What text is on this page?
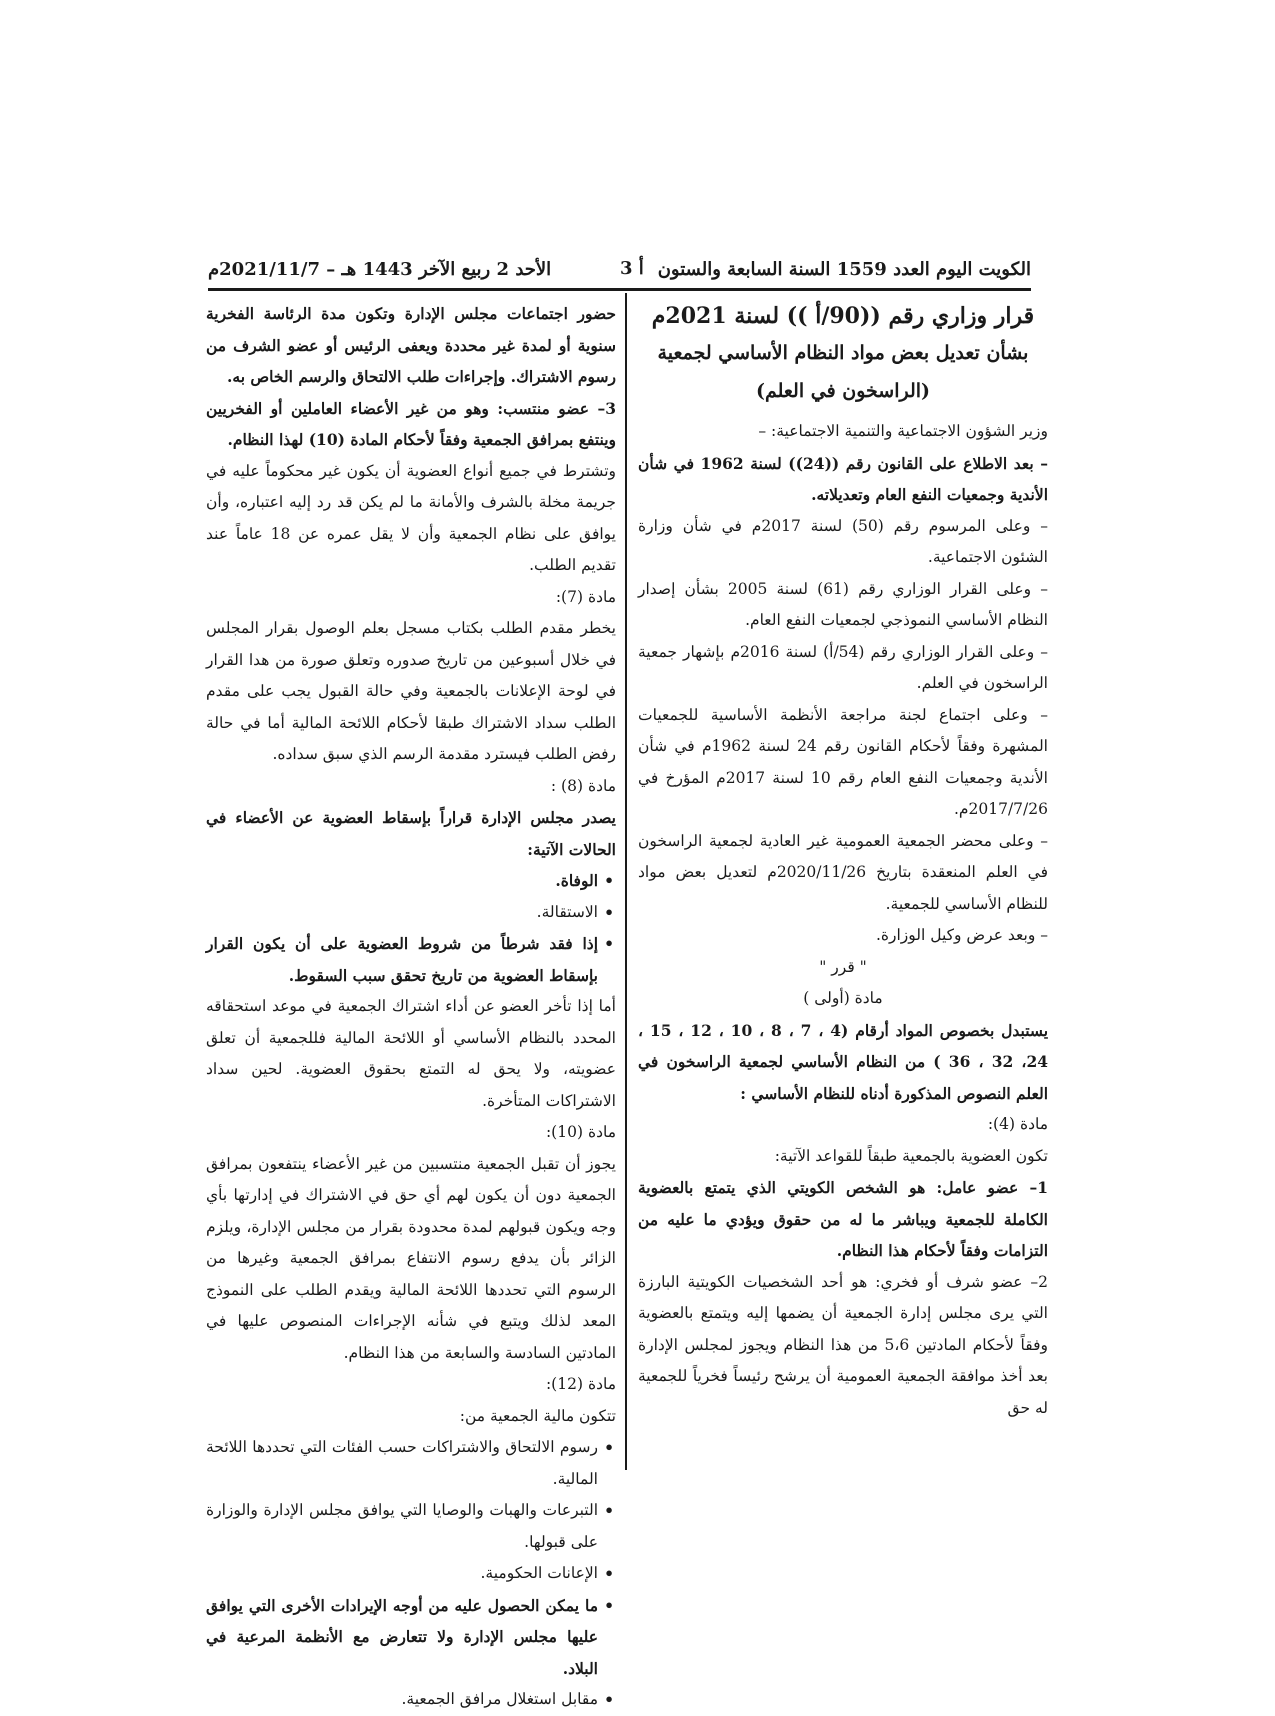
الكويت اليوم العدد 1559 السنة السابعة والستون
أ 3
الأحد 2 ربيع الآخر 1443 هـ – 2021/11/7م
قرار وزاري رقم ((90/أ )) لسنة 2021م
بشأن تعديل بعض مواد النظام الأساسي لجمعية
(الراسخون في العلم)

وزير الشؤون الاجتماعية والتنمية الاجتماعية: –

– بعد الاطلاع على القانون رقم ((24)) لسنة 1962 في شأن الأندية وجمعيات النفع العام وتعديلاته.

– وعلى المرسوم رقم (50) لسنة 2017م في شأن وزارة الشئون الاجتماعية.

– وعلى القرار الوزاري رقم (61) لسنة 2005 بشأن إصدار النظام الأساسي النموذجي لجمعيات النفع العام.

– وعلى القرار الوزاري رقم (54/أ) لسنة 2016م بإشهار جمعية الراسخون في العلم.

– وعلى اجتماع لجنة مراجعة الأنظمة الأساسية للجمعيات المشهرة وفقاً لأحكام القانون رقم 24 لسنة 1962م في شأن الأندية وجمعيات النفع العام رقم 10 لسنة 2017م المؤرخ في 2017/7/26م.

– وعلى محضر الجمعية العمومية غير العادية لجمعية الراسخون في العلم المنعقدة بتاريخ 2020/11/26م لتعديل بعض مواد للنظام الأساسي للجمعية.

– وبعد عرض وكيل الوزارة.

" قرر "

مادة (أولى )

يستبدل بخصوص المواد أرقام (4 ، 7 ، 8 ، 10 ، 12 ، 15 ، 24، 32 ، 36 ) من النظام الأساسي لجمعية الراسخون في العلم النصوص المذكورة أدناه للنظام الأساسي :

مادة (4):

تكون العضوية بالجمعية طبقاً للقواعد الآتية:

1– عضو عامل: هو الشخص الكويتي الذي يتمتع بالعضوية الكاملة للجمعية ويباشر ما له من حقوق ويؤدي ما عليه من التزامات وفقاً لأحكام هذا النظام.

2– عضو شرف أو فخري: هو أحد الشخصيات الكويتية البارزة التي يرى مجلس إدارة الجمعية أن يضمها إليه ويتمتع بالعضوية وفقاً لأحكام المادتين 5،6 من هذا النظام ويجوز لمجلس الإدارة بعد أخذ موافقة الجمعية العمومية أن يرشح رئيساً فخرياً للجمعية له حق

حضور اجتماعات مجلس الإدارة وتكون مدة الرئاسة الفخرية سنوية أو لمدة غير محددة ويعفى الرئيس أو عضو الشرف من رسوم الاشتراك. وإجراءات طلب الالتحاق والرسم الخاص به.

3– عضو منتسب: وهو من غير الأعضاء العاملين أو الفخريين وينتفع بمرافق الجمعية وفقاً لأحكام المادة (10) لهذا النظام.

وتشترط في جميع أنواع العضوية أن يكون غير محكوماً عليه في جريمة مخلة بالشرف والأمانة ما لم يكن قد رد إليه اعتباره، وأن يوافق على نظام الجمعية وأن لا يقل عمره عن 18 عاماً عند تقديم الطلب.

مادة (7):

يخطر مقدم الطلب بكتاب مسجل بعلم الوصول بقرار المجلس في خلال أسبوعين من تاريخ صدوره وتعلق صورة من هدا القرار في لوحة الإعلانات بالجمعية وفي حالة القبول يجب على مقدم الطلب سداد الاشتراك طبقا لأحكام اللائحة المالية أما في حالة رفض الطلب فيسترد مقدمة الرسم الذي سبق سداده.

مادة (8) :

يصدر مجلس الإدارة قراراً بإسقاط العضوية عن الأعضاء في الحالات الآتية:

• الوفاة.
• الاستقالة.
• إذا فقد شرطاً من شروط العضوية على أن يكون القرار بإسقاط العضوية من تاريخ تحقق سبب السقوط.

أما إذا تأخر العضو عن أداء اشتراك الجمعية في موعد استحقاقه المحدد بالنظام الأساسي أو اللائحة المالية فللجمعية أن تعلق عضويته، ولا يحق له التمتع بحقوق العضوية. لحين سداد الاشتراكات المتأخرة.

مادة (10):

يجوز أن تقبل الجمعية منتسبين من غير الأعضاء ينتفعون بمرافق الجمعية دون أن يكون لهم أي حق في الاشتراك في إدارتها بأي وجه ويكون قبولهم لمدة محدودة بقرار من مجلس الإدارة، ويلزم الزائر بأن يدفع رسوم الانتفاع بمرافق الجمعية وغيرها من الرسوم التي تحددها اللائحة المالية ويقدم الطلب على النموذج المعد لذلك ويتبع في شأنه الإجراءات المنصوص عليها في المادتين السادسة والسابعة من هذا النظام.

مادة (12):

تتكون مالية الجمعية من:

• رسوم الالتحاق والاشتراكات حسب الفئات التي تحددها اللائحة المالية.
• التبرعات والهبات والوصايا التي يوافق مجلس الإدارة والوزارة على قبولها.
• الإعانات الحكومية.
• ما يمكن الحصول عليه من أوجه الإيرادات الأخرى التي يوافق عليها مجلس الإدارة ولا تتعارض مع الأنظمة المرعية في البلاد.
• مقابل استغلال مرافق الجمعية.
